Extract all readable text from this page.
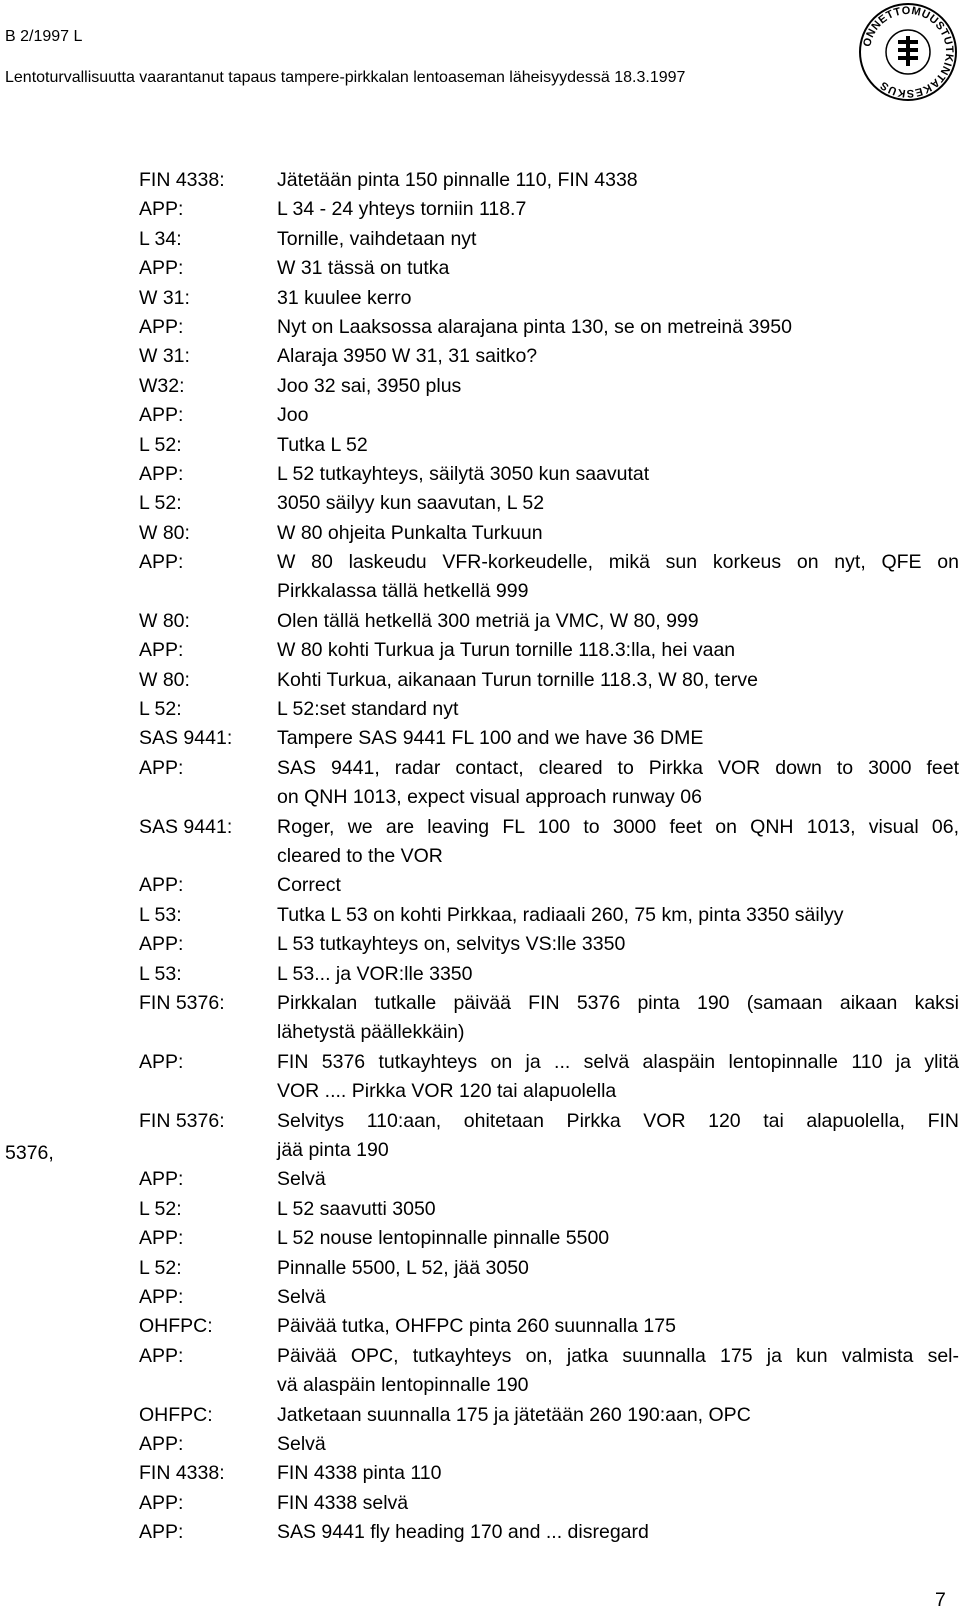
B 2/1997 L
Lentoturvallisuutta vaarantanut tapaus tampere-pirkkalan lentoaseman läheisyydessä 18.3.1997
ONNETTOMUUSTUTKINTAKESKUS
FIN 4338:	Jätetään pinta 150 pinnalle 110, FIN 4338
APP:	L 34 - 24 yhteys torniin 118.7
L 34:	Tornille, vaihdetaan nyt
APP:	W 31 tässä on tutka
W 31:	31 kuulee kerro
APP:	Nyt on Laaksossa alarajana pinta 130, se on metreinä 3950
W 31:	Alaraja 3950 W 31, 31 saitko?
W32:	Joo 32 sai, 3950 plus
APP:	Joo
L 52:	Tutka L 52
APP:	L 52 tutkayhteys, säilytä 3050 kun saavutat
L 52:	3050 säilyy kun saavutan, L 52
W 80:	W 80 ohjeita Punkalta Turkuun
APP:	W 80 laskeudu VFR-korkeudelle, mikä sun korkeus on nyt, QFE on
Pirkkalassa tällä hetkellä 999
W 80:	Olen tällä hetkellä 300 metriä ja VMC, W 80, 999
APP:	W 80 kohti Turkua ja Turun tornille 118.3:lla, hei vaan
W 80:	Kohti Turkua, aikanaan Turun tornille 118.3, W 80, terve
L 52:	L 52:set standard nyt
SAS 9441: Tampere SAS 9441 FL 100 and we have 36 DME
APP:	SAS 9441, radar contact, cleared to Pirkka VOR down to 3000 feet
on QNH 1013, expect visual approach runway 06
SAS 9441: Roger, we are leaving FL 100 to 3000 feet on QNH 1013, visual 06,
cleared to the VOR
APP:	Correct
L 53:	Tutka L 53 on kohti Pirkkaa, radiaali 260, 75 km, pinta 3350 säilyy
APP:	L 53 tutkayhteys on, selvitys VS:lle 3350
L 53:	L 53... ja VOR:lle 3350
FIN 5376:	Pirkkalan tutkalle päivää FIN 5376 pinta 190 (samaan aikaan kaksi
lähetystä päällekkäin)
APP:	FIN 5376 tutkayhteys on ja ... selvä alaspäin lentopinnalle 110 ja ylitä
VOR .... Pirkka VOR 120 tai alapuolella
FIN 5376:	Selvitys 110:aan, ohitetaan Pirkka VOR 120 tai alapuolella, FIN
jää pinta 190
APP:	Selvä
L 52:	L 52 saavutti 3050
APP:	L 52 nouse lentopinnalle pinnalle 5500
L 52:	Pinnalle 5500, L 52, jää 3050
APP:	Selvä
OHFPC:	Päivää tutka, OHFPC pinta 260 suunnalla 175
APP:	Päivää OPC, tutkayhteys on, jatka suunnalla 175 ja kun valmista sel-
vä alaspäin lentopinnalle 190
OHFPC:	Jatketaan suunnalla 175 ja jätetään 260 190:aan, OPC
APP:	Selvä
FIN 4338:	FIN 4338 pinta 110
APP:	FIN 4338 selvä
APP:	SAS 9441 fly heading 170 and ... disregard
5376,
7
